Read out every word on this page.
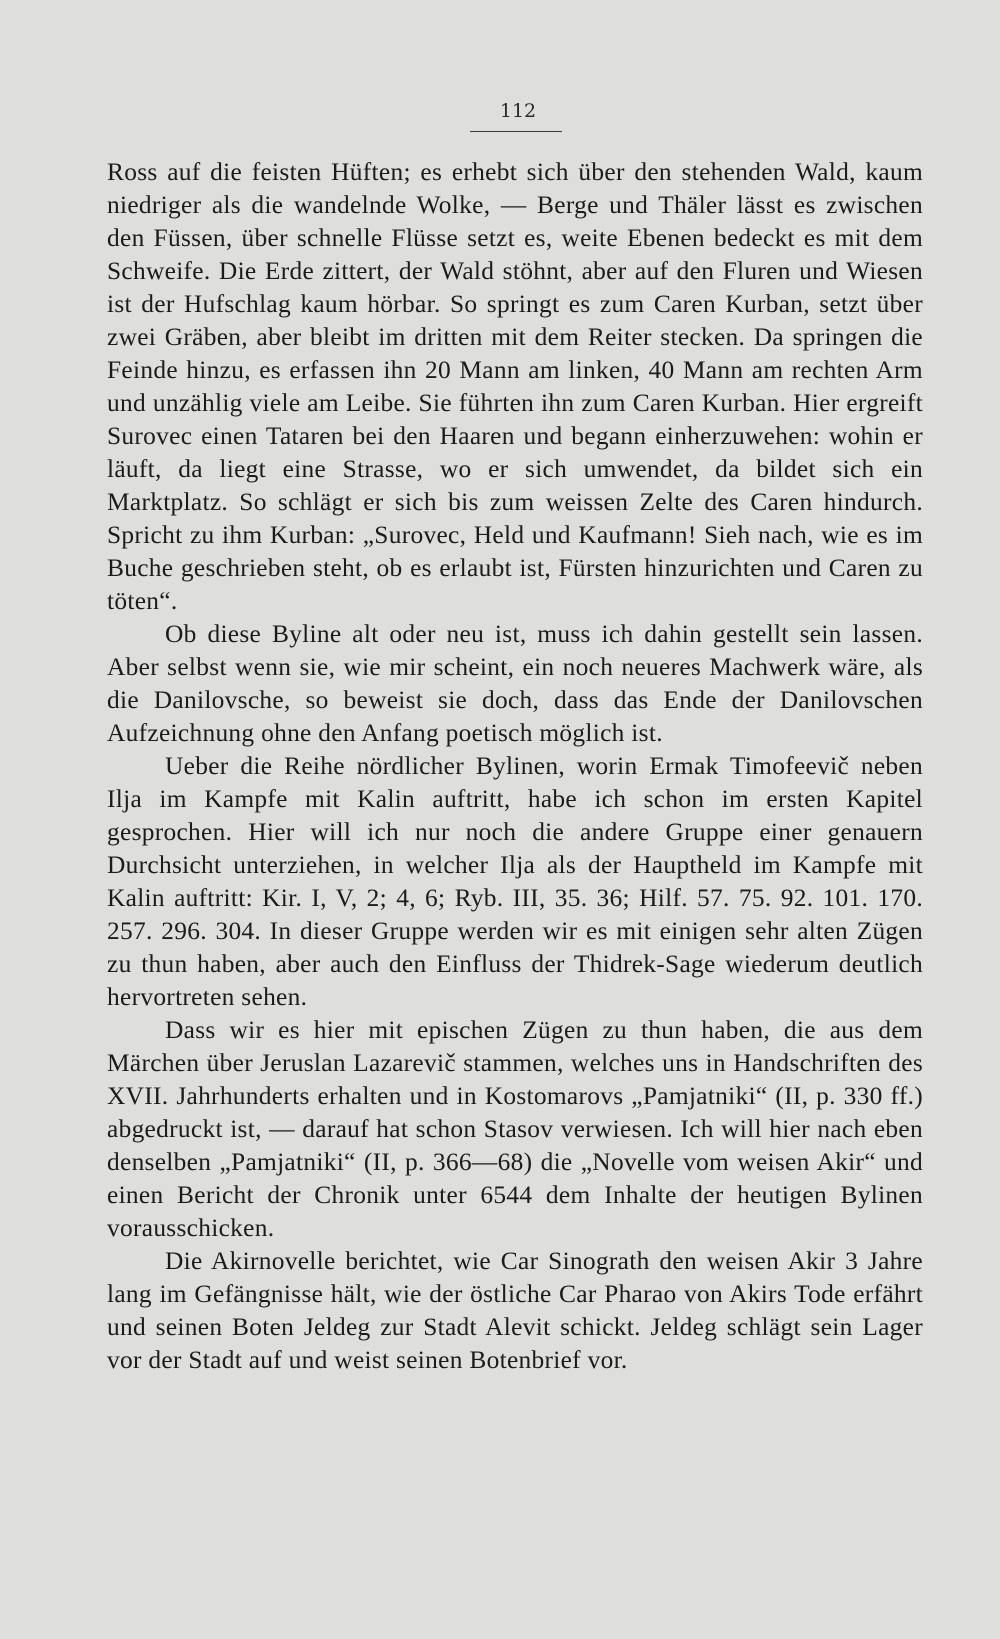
112

Ross auf die feisten Hüften; es erhebt sich über den stehenden Wald, kaum niedriger als die wandelnde Wolke, — Berge und Thäler lässt es zwischen den Füssen, über schnelle Flüsse setzt es, weite Ebenen bedeckt es mit dem Schweife. Die Erde zittert, der Wald stöhnt, aber auf den Fluren und Wiesen ist der Hufschlag kaum hörbar. So springt es zum Caren Kurban, setzt über zwei Gräben, aber bleibt im dritten mit dem Reiter stecken. Da springen die Feinde hinzu, es erfassen ihn 20 Mann am linken, 40 Mann am rechten Arm und unzählig viele am Leibe. Sie führten ihn zum Caren Kurban. Hier ergreift Surovec einen Tataren bei den Haaren und begann einherzuwehen: wohin er läuft, da liegt eine Strasse, wo er sich umwendet, da bildet sich ein Marktplatz. So schlägt er sich bis zum weissen Zelte des Caren hindurch. Spricht zu ihm Kurban: „Surovec, Held und Kaufmann! Sieh nach, wie es im Buche geschrieben steht, ob es erlaubt ist, Fürsten hinzurichten und Caren zu töten“.

Ob diese Byline alt oder neu ist, muss ich dahin gestellt sein lassen. Aber selbst wenn sie, wie mir scheint, ein noch neueres Machwerk wäre, als die Danilovsche, so beweist sie doch, dass das Ende der Danilovschen Aufzeichnung ohne den Anfang poetisch möglich ist.

Ueber die Reihe nördlicher Bylinen, worin Ermak Timofeevič neben Ilja im Kampfe mit Kalin auftritt, habe ich schon im ersten Kapitel gesprochen. Hier will ich nur noch die andere Gruppe einer genauern Durchsicht unterziehen, in welcher Ilja als der Hauptheld im Kampfe mit Kalin auftritt: Kir. I, V, 2; 4, 6; Ryb. III, 35. 36; Hilf. 57. 75. 92. 101. 170. 257. 296. 304. In dieser Gruppe werden wir es mit einigen sehr alten Zügen zu thun haben, aber auch den Einfluss der Thidrek-Sage wiederum deutlich hervortreten sehen.

Dass wir es hier mit epischen Zügen zu thun haben, die aus dem Märchen über Jeruslan Lazarevič stammen, welches uns in Handschriften des XVII. Jahrhunderts erhalten und in Kostomarovs „Pamjatniki“ (II, p. 330 ff.) abgedruckt ist, — darauf hat schon Stasov verwiesen. Ich will hier nach eben denselben „Pamjatniki“ (II, p. 366—68) die „Novelle vom weisen Akir“ und einen Bericht der Chronik unter 6544 dem Inhalte der heutigen Bylinen vorausschicken.

Die Akirnovelle berichtet, wie Car Sinograth den weisen Akir 3 Jahre lang im Gefängnisse hält, wie der östliche Car Pharao von Akirs Tode erfährt und seinen Boten Jeldeg zur Stadt Alevit schickt. Jeldeg schlägt sein Lager vor der Stadt auf und weist seinen Botenbrief vor.
